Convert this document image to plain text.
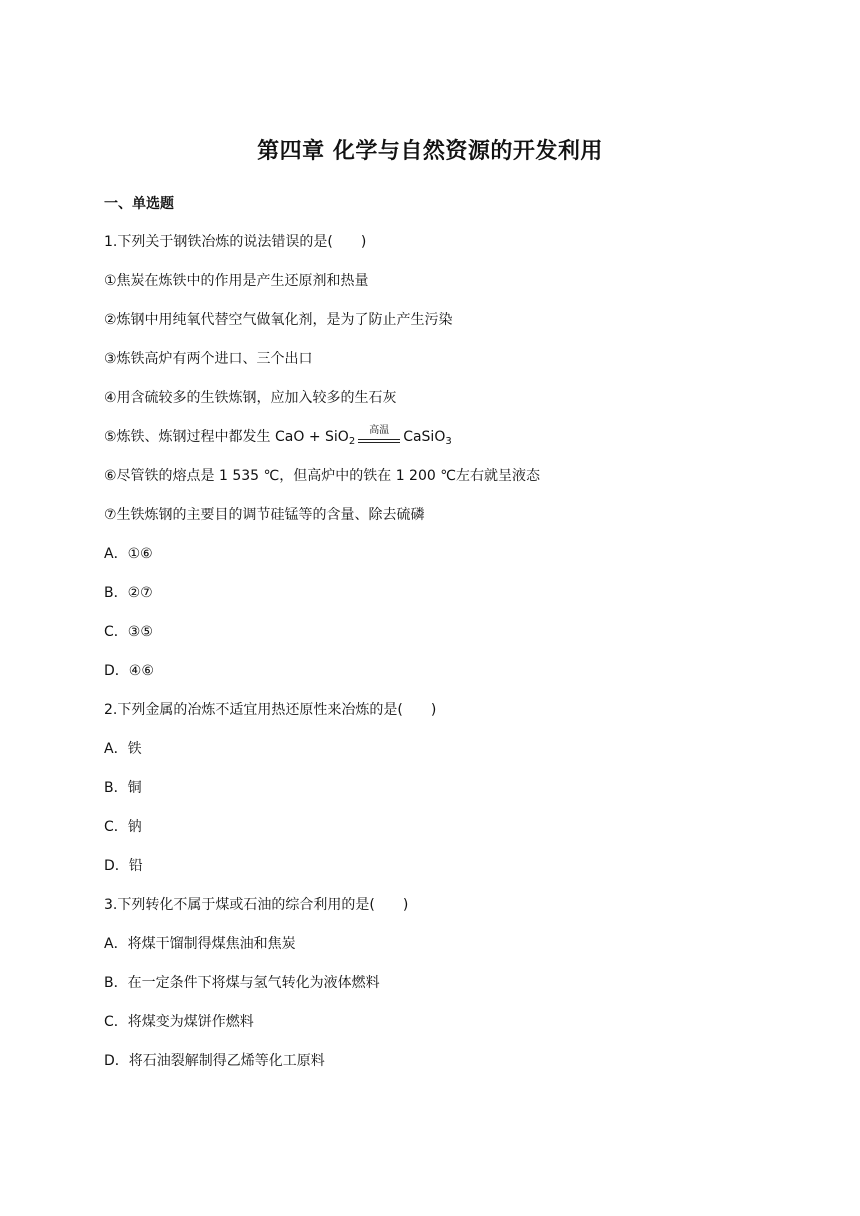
第四章 化学与自然资源的开发利用
一、单选题
1.下列关于钢铁冶炼的说法错误的是(　　)
①焦炭在炼铁中的作用是产生还原剂和热量
②炼钢中用纯氧代替空气做氧化剂，是为了防止产生污染
③炼铁高炉有两个进口、三个出口
④用含硫较多的生铁炼钢，应加入较多的生石灰
⑤炼铁、炼钢过程中都发生 CaO + SiO$_2$
高温	CaSiO$_3$
⑥尽管铁的熔点是 1 535 ℃，但高炉中的铁在 1 200 ℃左右就呈液态
⑦生铁炼钢的主要目的调节硅锰等的含量、除去硫磷
A．①⑥
B．②⑦
C．③⑤
D．④⑥
2.下列金属的冶炼不适宜用热还原性来冶炼的是(　　)
A．铁
B．铜
C．钠
D．铅
3.下列转化不属于煤或石油的综合利用的是(　　)
A．将煤干馏制得煤焦油和焦炭
B．在一定条件下将煤与氢气转化为液体燃料
C．将煤变为煤饼作燃料
D．将石油裂解制得乙烯等化工原料
